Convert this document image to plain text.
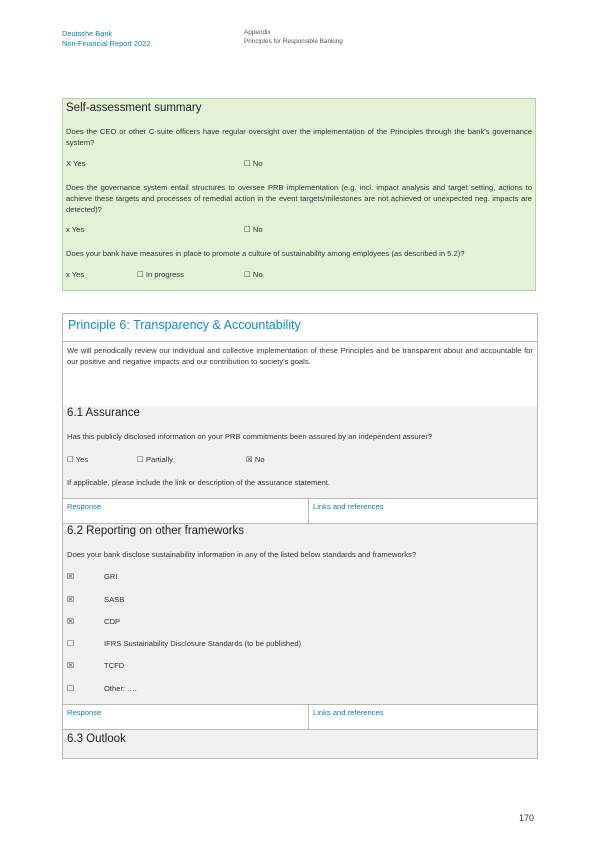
Deutsche Bank
Non-Financial Report 2022
Appendix
Principles for Responsible Banking
Self-assessment summary
Does the CEO or other C-suite officers have regular oversight over the implementation of the Principles through the bank's governance system?
X Yes	☐ No
Does the governance system entail structures to oversee PRB implementation (e.g. incl. impact analysis and target setting, actions to achieve these targets and processes of remedial action in the event targets/milestones are not achieved or unexpected neg. impacts are detected)?
x Yes	☐ No
Does your bank have measures in place to promote a culture of sustainability among employees (as described in 5.2)?
x Yes	☐ In progress	☐ No
Principle 6: Transparency & Accountability
We will periodically review our individual and collective implementation of these Principles and be transparent about and accountable for our positive and negative impacts and our contribution to society's goals.
6.1 Assurance
Has this publicly disclosed information on your PRB commitments been assured by an independent assurer?
☐ Yes	☐ Partially	☒ No
If applicable, please include the link or description of the assurance statement.
Response	Links and references
6.2 Reporting on other frameworks
Does your bank disclose sustainability information in any of the listed below standards and frameworks?
☒	GRI
☒	SASB
☒	CDP
☐	IFRS Sustainability Disclosure Standards (to be published)
☒	TCFD
☐	Other: ….
Response	Links and references
6.3 Outlook
170
